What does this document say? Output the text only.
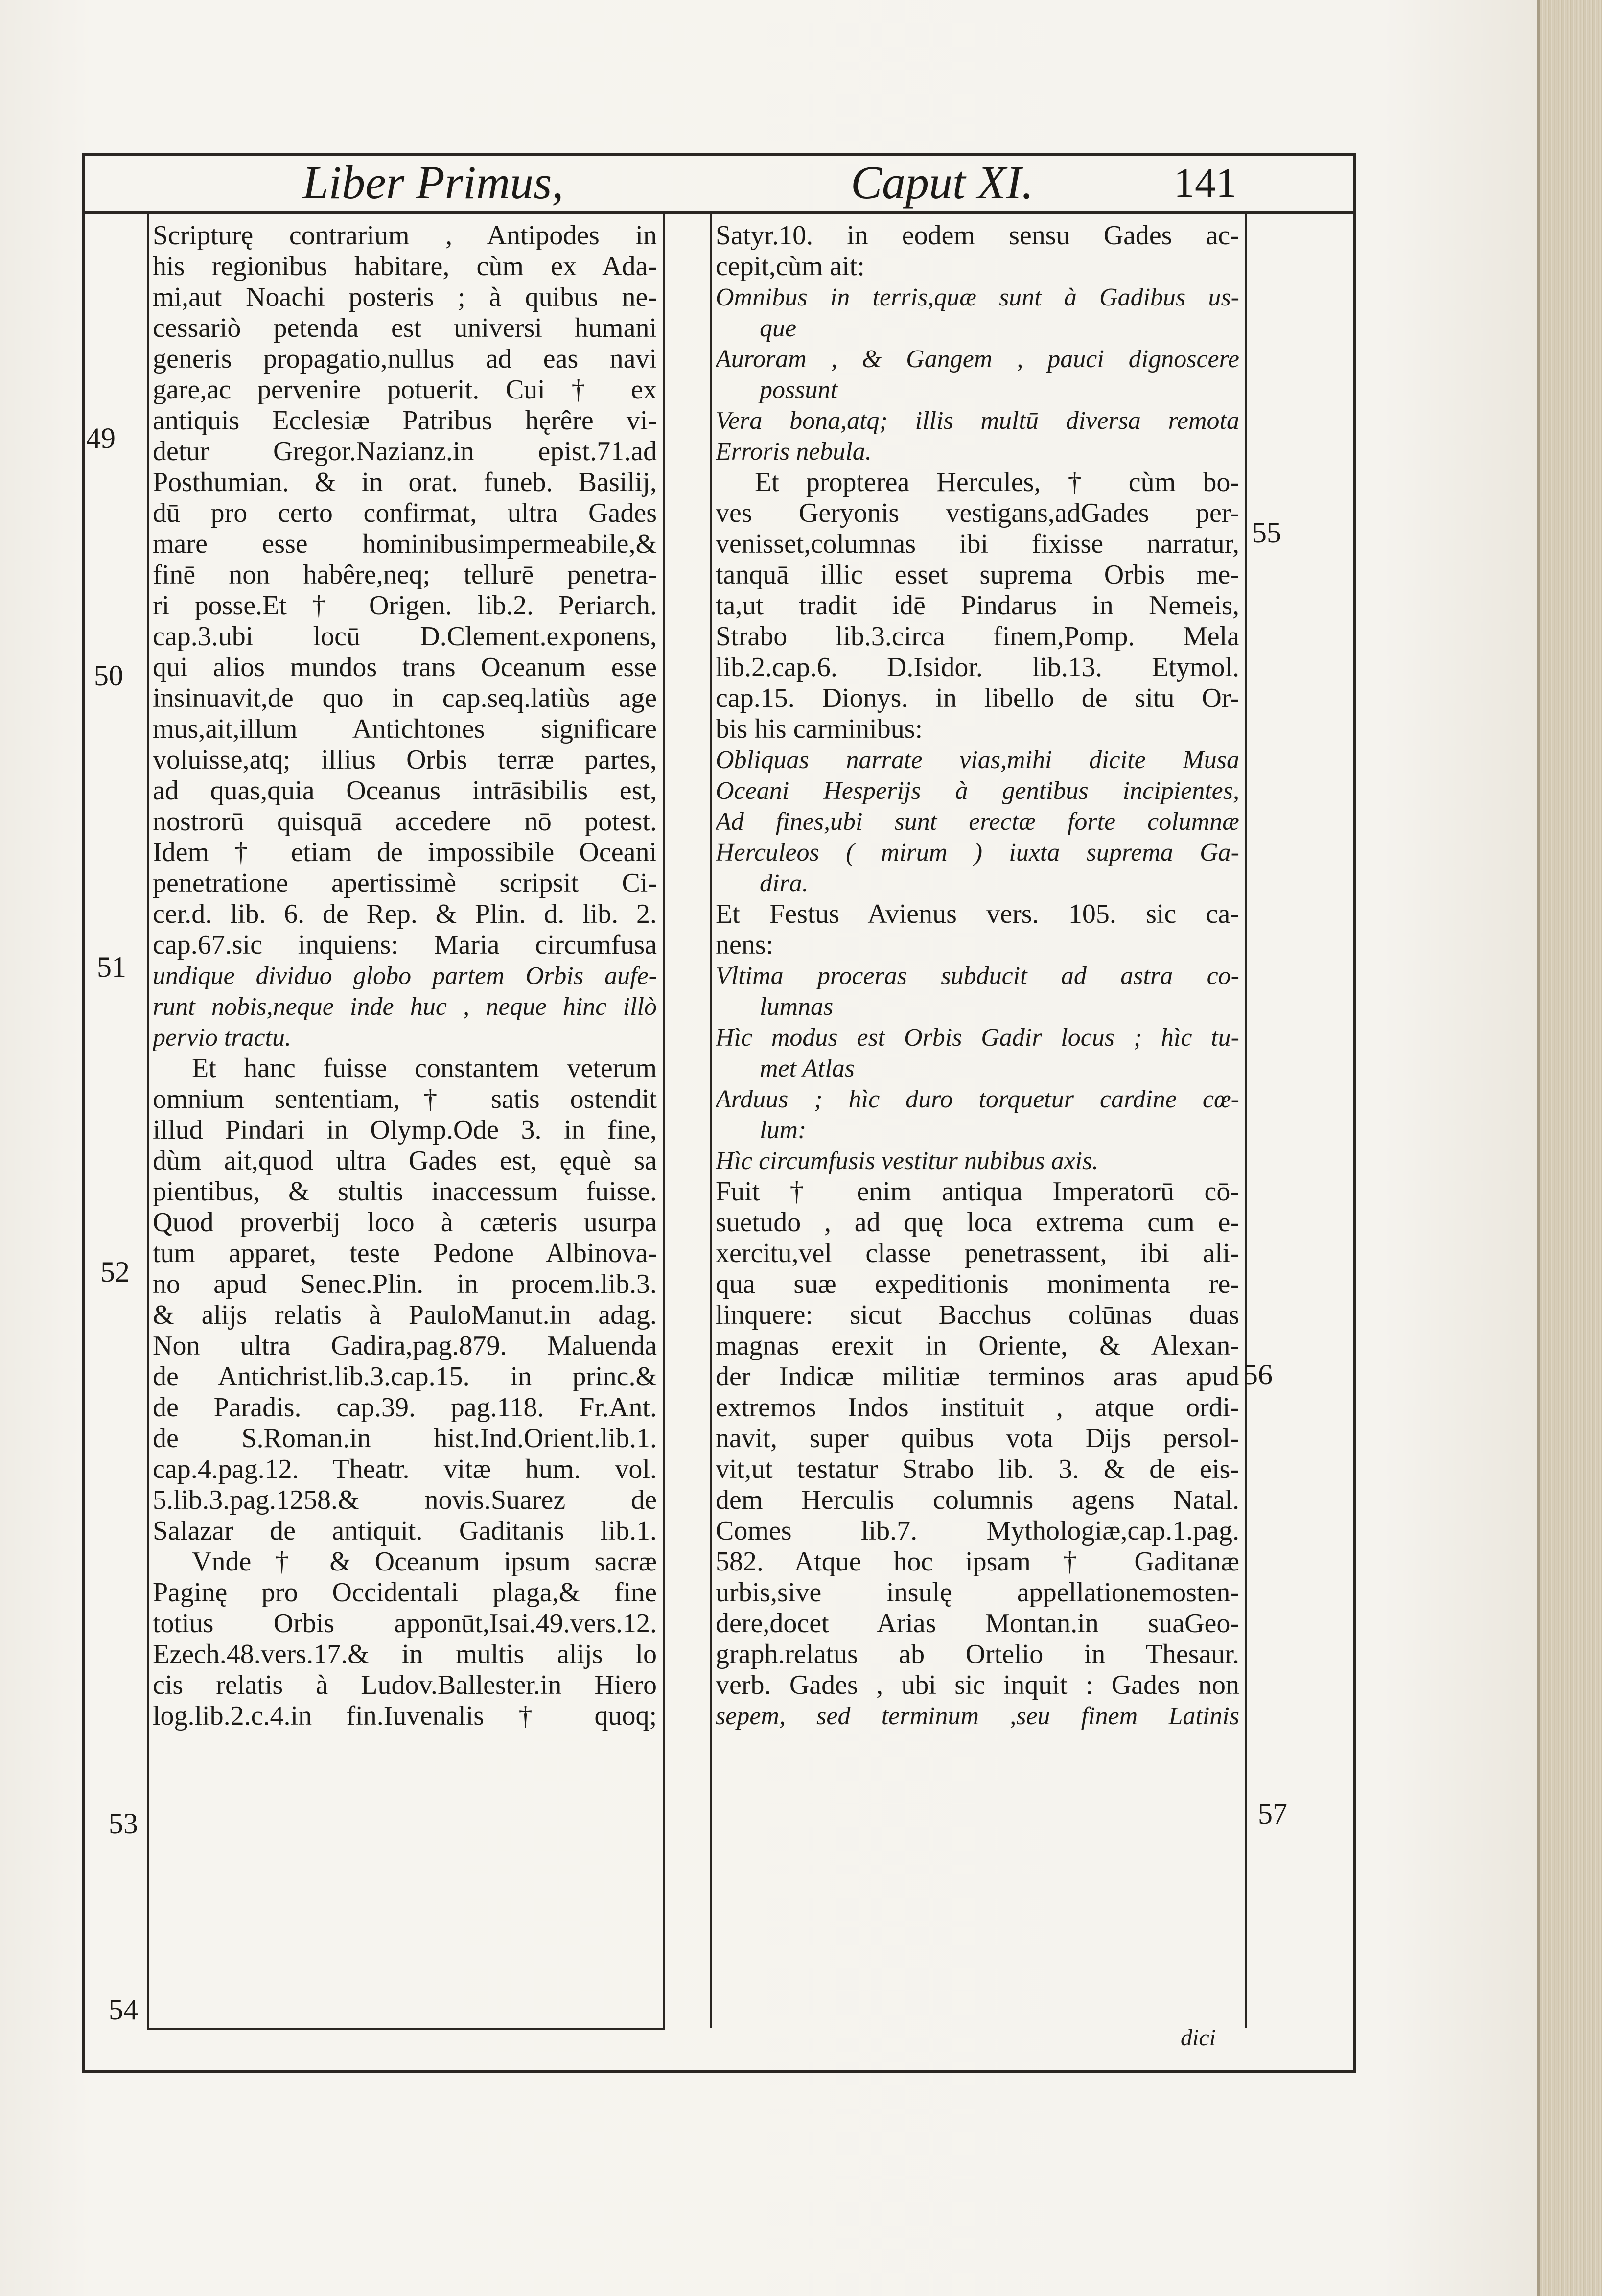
Liber Primus,	Caput XI.	141
49
50
51
52
53
54
55
56
57
Scripturę contrarium , Antipodes in
his regionibus habitare, cùm ex Ada-
mi,aut Noachi posteris ; à quibus ne-
cessariò petenda est universi humani
generis propagatio,nullus ad eas navi
gare,ac pervenire potuerit. Cui † ex
antiquis Ecclesiæ Patribus hęrêre vi-
detur Gregor.Nazianz.in epist.71.ad
Posthumian. & in orat. funeb. Basilij,
dū pro certo confirmat, ultra Gades
mare esse hominibusimpermeabile,&
finē non habêre,neq; tellurē penetra-
ri posse.Et † Origen. lib.2. Periarch.
cap.3.ubi locū D.Clement.exponens,
qui alios mundos trans Oceanum esse
insinuavit,de quo in cap.seq.latiùs age
mus,ait,illum Antichtones significare
voluisse,atq; illius Orbis terræ partes,
ad quas,quia Oceanus intrāsibilis est,
nostrorū quisquā accedere nō potest.
Idem † etiam de impossibile Oceani
penetratione apertissimè scripsit Ci-
cer.d. lib. 6. de Rep. & Plin. d. lib. 2.
cap.67.sic inquiens: Maria circumfusa
undique dividuo globo partem Orbis aufe-
runt nobis,neque inde huc , neque hinc illò
pervio tractu.
Et hanc fuisse constantem veterum
omnium sententiam,† satis ostendit
illud Pindari in Olymp.Ode 3. in fine,
dùm ait,quod ultra Gades est, ęquè sa
pientibus, & stultis inaccessum fuisse.
Quod proverbij loco à cæteris usurpa
tum apparet, teste Pedone Albinova-
no apud Senec.Plin. in procem.lib.3.
& alijs relatis à PauloManut.in adag.
Non ultra Gadira,pag.879. Maluenda
de Antichrist.lib.3.cap.15. in princ.&
de Paradis. cap.39. pag.118. Fr.Ant.
de S.Roman.in hist.Ind.Orient.lib.1.
cap.4.pag.12. Theatr. vitæ hum. vol.
5.lib.3.pag.1258.& novis.Suarez de
Salazar de antiquit. Gaditanis lib.1.
Vnde † & Oceanum ipsum sacræ
Paginę pro Occidentali plaga,& fine
totius Orbis apponūt,Isai.49.vers.12.
Ezech.48.vers.17.& in multis alijs lo
cis relatis à Ludov.Ballester.in Hiero
log.lib.2.c.4.in fin.Iuvenalis † quoq;
Satyr.10. in eodem sensu Gades ac-
cepit,cùm ait:
Omnibus in terris,quæ sunt à Gadibus us-
que
Auroram , & Gangem , pauci dignoscere
possunt
Vera bona,atq; illis multū diversa remota
Erroris nebula.
Et propterea Hercules, † cùm bo-
ves Geryonis vestigans,adGades per-
venisset,columnas ibi fixisse narratur,
tanquā illic esset suprema Orbis me-
ta,ut tradit idē Pindarus in Nemeis,
Strabo lib.3.circa finem,Pomp. Mela
lib.2.cap.6. D.Isidor. lib.13. Etymol.
cap.15. Dionys. in libello de situ Or-
bis his carminibus:
Obliquas narrate vias,mihi dicite Musa
Oceani Hesperijs à gentibus incipientes,
Ad fines,ubi sunt erectæ forte columnæ
Herculeos ( mirum ) iuxta suprema Ga-
dira.
Et Festus Avienus vers. 105. sic ca-
nens:
Vltima proceras subducit ad astra co-
lumnas
Hìc modus est Orbis Gadir locus ; hìc tu-
met Atlas
Arduus ; hìc duro torquetur cardine cœ-
lum:
Hìc circumfusis vestitur nubibus axis.
Fuit † enim antiqua Imperatorū cō-
suetudo , ad quę loca extrema cum e-
xercitu,vel classe penetrassent, ibi ali-
qua suæ expeditionis monimenta re-
linquere: sicut Bacchus colūnas duas
magnas erexit in Oriente, & Alexan-
der Indicæ militiæ terminos aras apud
extremos Indos instituit , atque ordi-
navit, super quibus vota Dijs persol-
vit,ut testatur Strabo lib. 3. & de eis-
dem Herculis columnis agens Natal.
Comes lib.7. Mythologiæ,cap.1.pag.
582. Atque hoc ipsam † Gaditanæ
urbis,sive insulę appellationemosten-
dere,docet Arias Montan.in suaGeo-
graph.relatus ab Ortelio in Thesaur.
verb. Gades , ubi sic inquit : Gades non
sepem, sed terminum ,seu finem Latinis
dici
